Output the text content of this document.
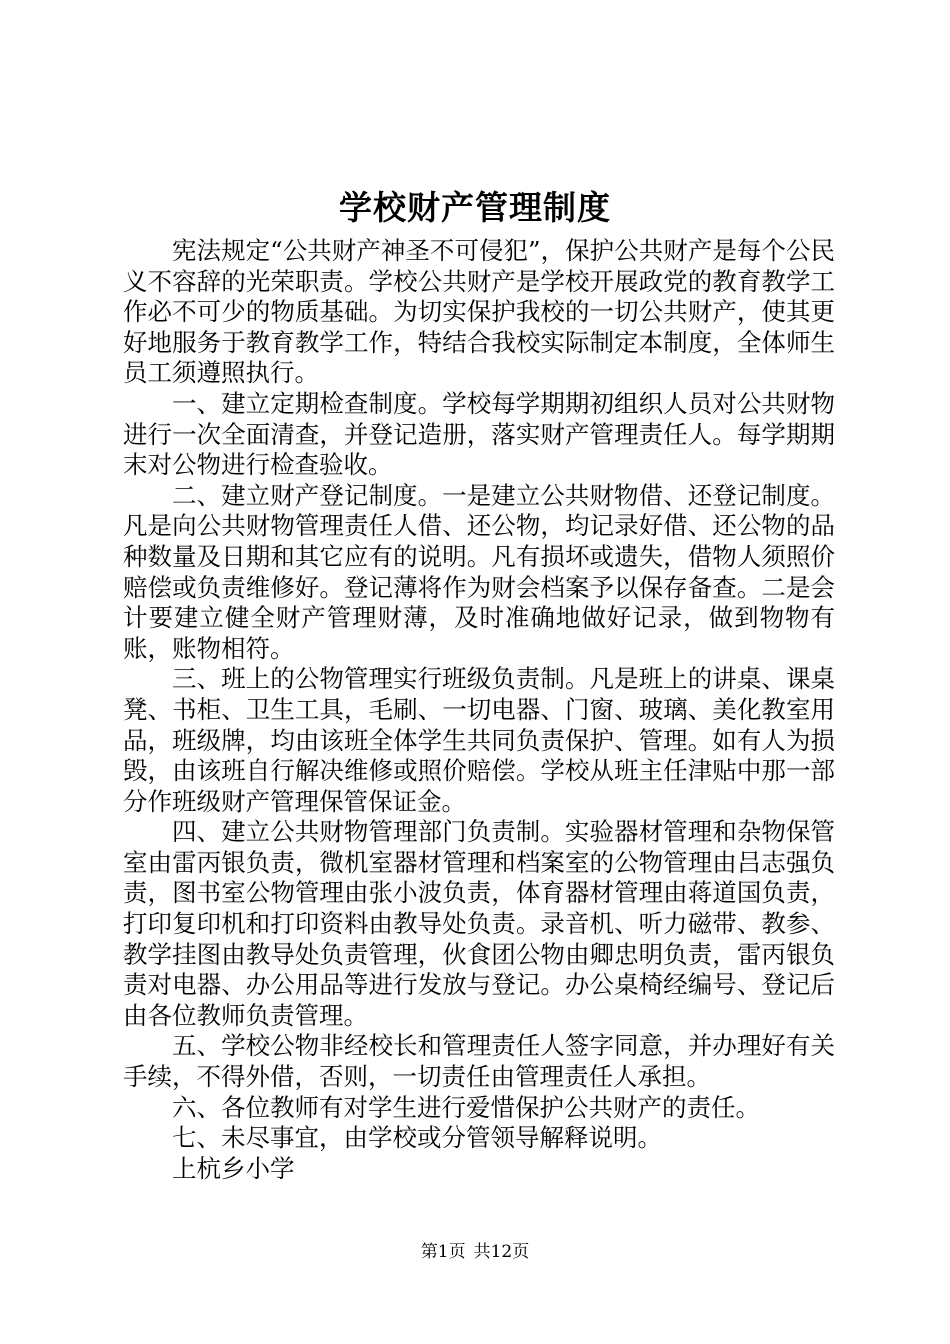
学校财产管理制度

宪法规定“公共财产神圣不可侵犯”，保护公共财产是每个公民义不容辞的光荣职责。学校公共财产是学校开展政党的教育教学工作必不可少的物质基础。为切实保护我校的一切公共财产，使其更好地服务于教育教学工作，特结合我校实际制定本制度，全体师生员工须遵照执行。

一、建立定期检查制度。学校每学期期初组织人员对公共财物进行一次全面清查，并登记造册，落实财产管理责任人。每学期期末对公物进行检查验收。

二、建立财产登记制度。一是建立公共财物借、还登记制度。凡是向公共财物管理责任人借、还公物，均记录好借、还公物的品种数量及日期和其它应有的说明。凡有损坏或遗失，借物人须照价赔偿或负责维修好。登记薄将作为财会档案予以保存备查。二是会计要建立健全财产管理财薄，及时准确地做好记录，做到物物有账，账物相符。

三、班上的公物管理实行班级负责制。凡是班上的讲桌、课桌凳、书柜、卫生工具，毛刷、一切电器、门窗、玻璃、美化教室用品，班级牌，均由该班全体学生共同负责保护、管理。如有人为损毁，由该班自行解决维修或照价赔偿。学校从班主任津贴中那一部分作班级财产管理保管保证金。

四、建立公共财物管理部门负责制。实验器材管理和杂物保管室由雷丙银负责，微机室器材管理和档案室的公物管理由吕志强负责，图书室公物管理由张小波负责，体育器材管理由蒋道国负责，打印复印机和打印资料由教导处负责。录音机、听力磁带、教参、教学挂图由教导处负责管理，伙食团公物由卿忠明负责，雷丙银负责对电器、办公用品等进行发放与登记。办公桌椅经编号、登记后由各位教师负责管理。

五、学校公物非经校长和管理责任人签字同意，并办理好有关手续，不得外借，否则，一切责任由管理责任人承担。

六、各位教师有对学生进行爱惜保护公共财产的责任。

七、未尽事宜，由学校或分管领导解释说明。

上杭乡小学

第1页 共12页
